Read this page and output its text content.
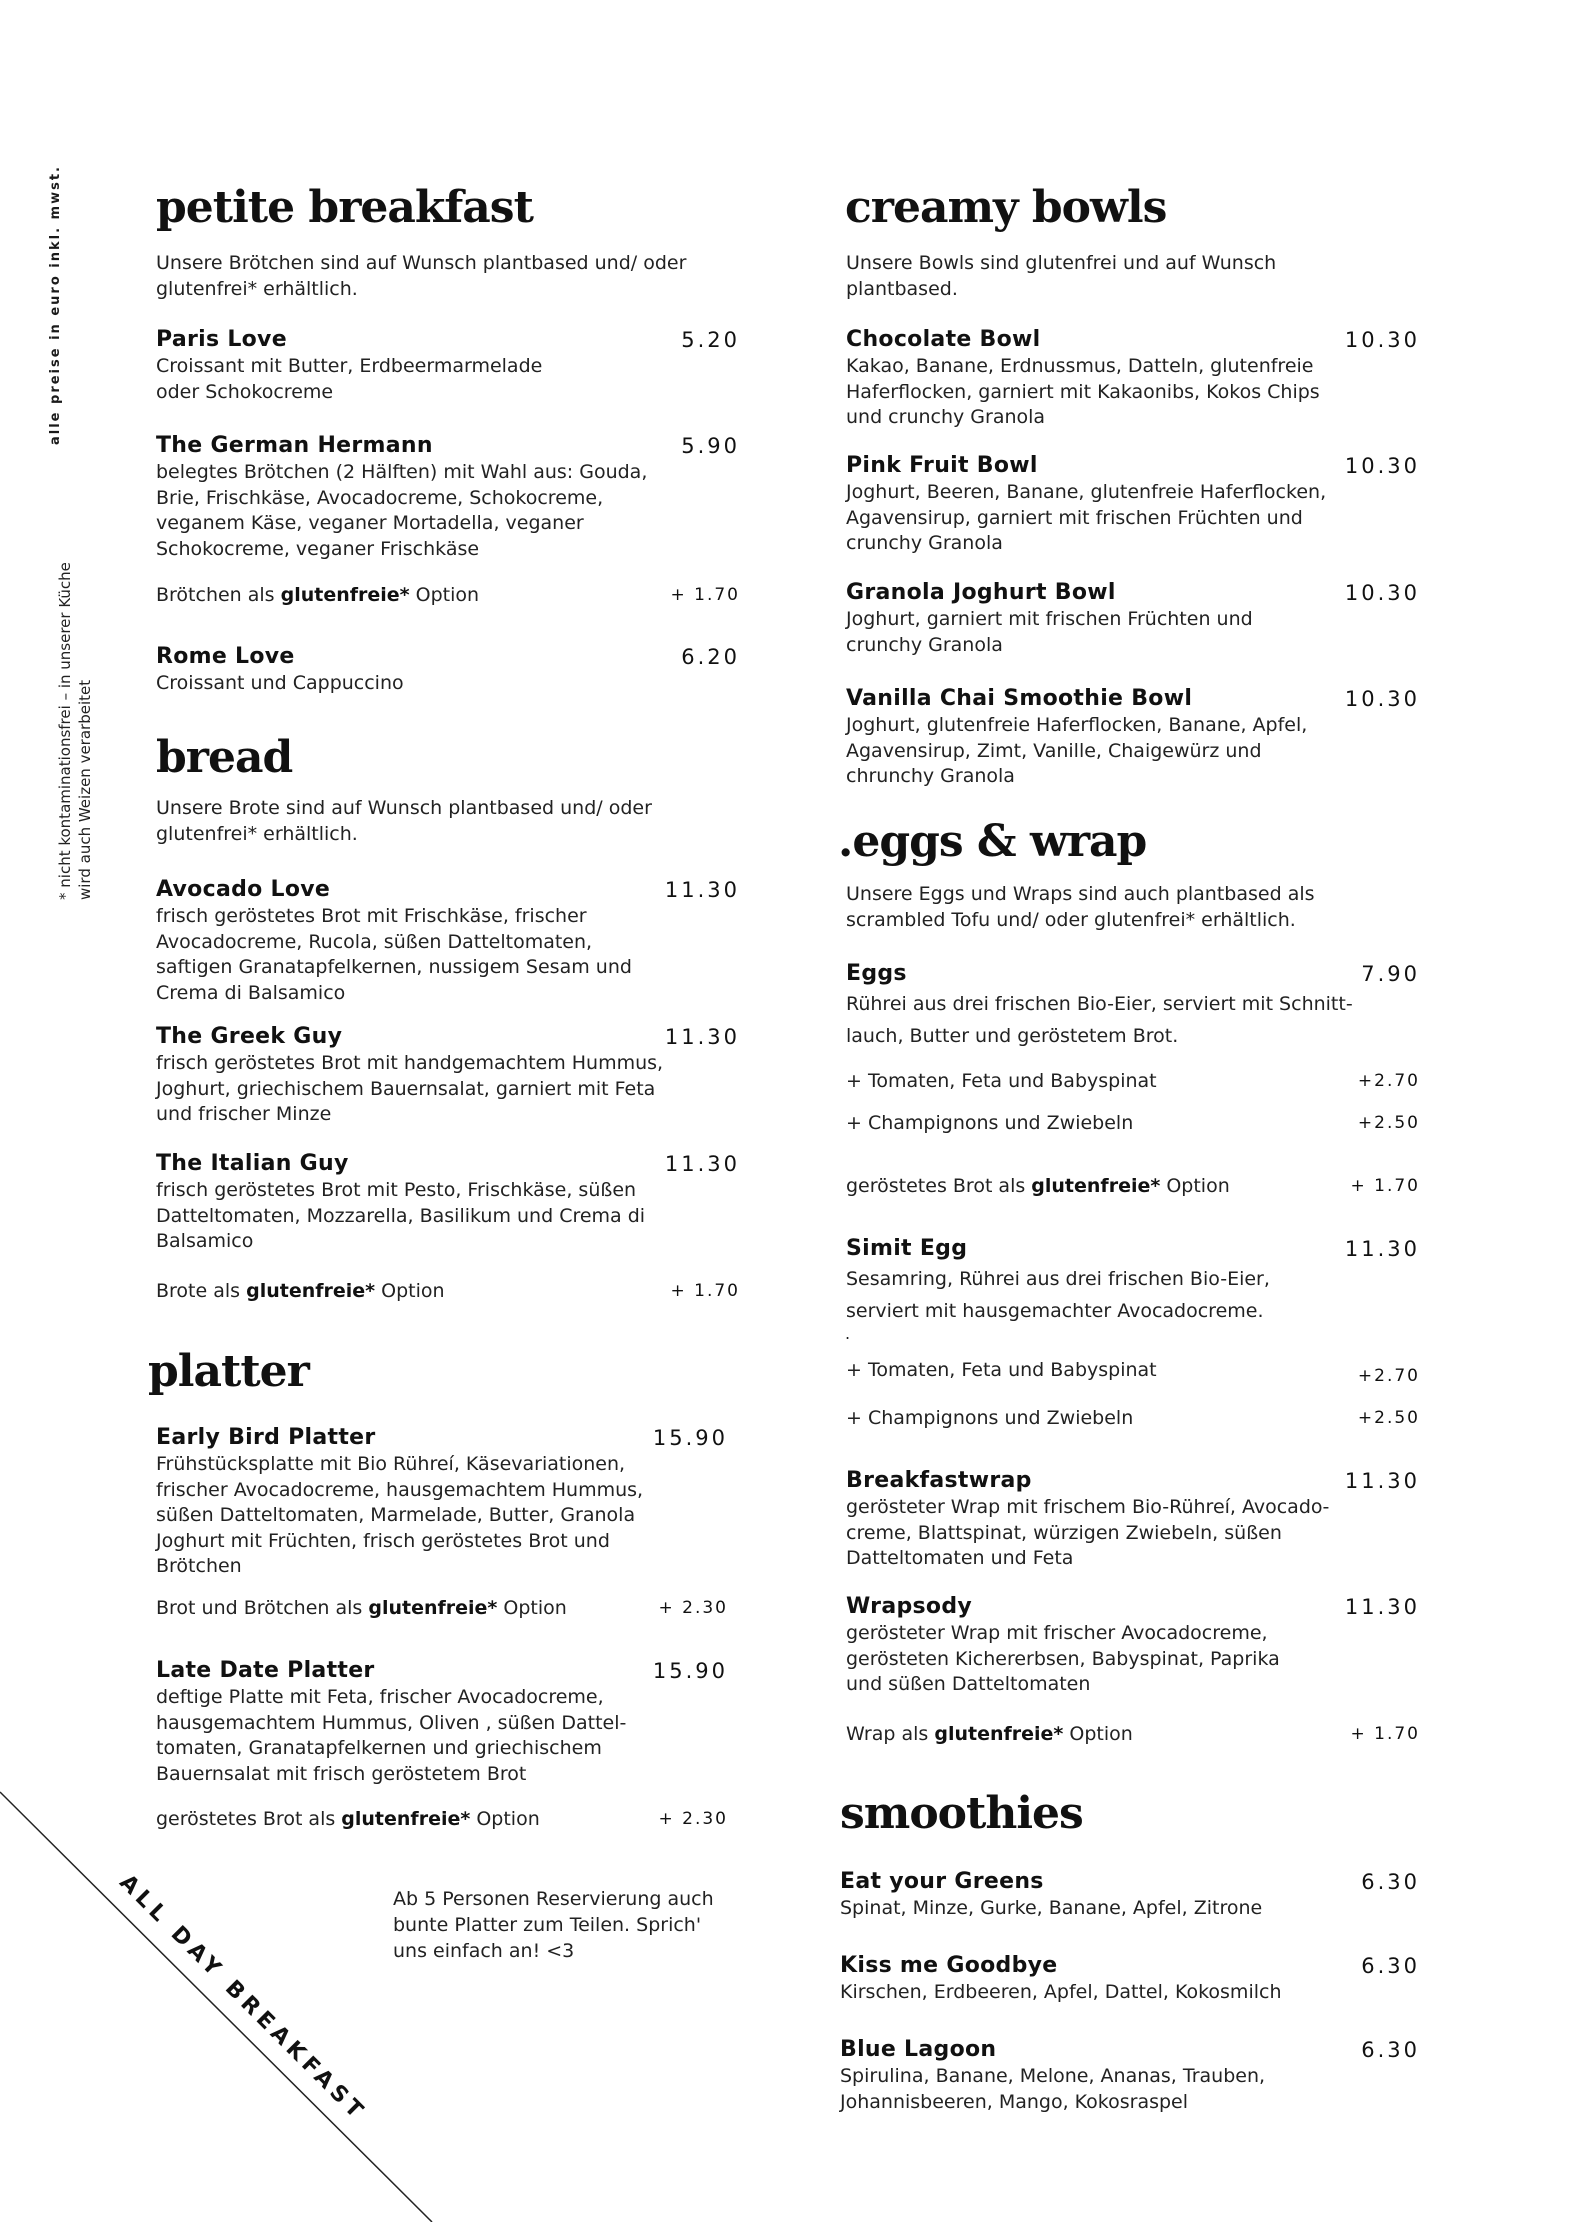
alle preise in euro inkl. mwst.
* nicht kontaminationsfrei – in unserer Küche wird auch Weizen verarbeitet
petite breakfast
Unsere Brötchen sind auf Wunsch plantbased und/ oder glutenfrei* erhältlich.
Paris Love
Croissant mit Butter, Erdbeermarmelade oder Schokocreme
5.20
The German Hermann
belegtes Brötchen (2 Hälften) mit Wahl aus: Gouda, Brie, Frischkäse, Avocadocreme, Schokocreme, veganem Käse, veganer Mortadella, veganer Schokocreme, veganer Frischkäse
5.90
Brötchen als glutenfreie* Option	+ 1.70
Rome Love
Croissant und Cappuccino
6.20
bread
Unsere Brote sind auf Wunsch plantbased und/ oder glutenfrei* erhältlich.
Avocado Love
frisch geröstetes Brot mit Frischkäse, frischer Avocadocreme, Rucola, süßen Datteltomaten, saftigen Granatapfelkernen, nussigem Sesam und Crema di Balsamico
11.30
The Greek Guy
frisch geröstetes Brot mit handgemachtem Hummus, Joghurt, griechischem Bauernsalat, garniert mit Feta und frischer Minze
11.30
The Italian Guy
frisch geröstetes Brot mit Pesto, Frischkäse, süßen Datteltomaten, Mozzarella, Basilikum und Crema di Balsamico
11.30
Brote als glutenfreie* Option	+ 1.70
platter
Early Bird Platter
Frühstücksplatte mit Bio Rühreí, Käsevariationen, frischer Avocadocreme, hausgemachtem Hummus, süßen Datteltomaten, Marmelade, Butter, Granola Joghurt mit Früchten, frisch geröstetes Brot und Brötchen
15.90
Brot und Brötchen als glutenfreie* Option	+ 2.30
Late Date Platter
deftige Platte mit Feta, frischer Avocadocreme, hausgemachtem Hummus, Oliven , süßen Datteltomaten, Granatapfelkernen und griechischem Bauernsalat mit frisch geröstetem Brot
15.90
geröstetes Brot als glutenfreie* Option	+ 2.30
Ab 5 Personen Reservierung auch bunte Platter zum Teilen. Sprich' uns einfach an! <3
ALL DAY BREAKFAST
creamy bowls
Unsere Bowls sind glutenfrei und auf Wunsch plantbased.
Chocolate Bowl
Kakao, Banane, Erdnussmus, Datteln, glutenfreie Haferflocken, garniert mit Kakaonibs, Kokos Chips und crunchy Granola
10.30
Pink Fruit Bowl
Joghurt, Beeren, Banane, glutenfreie Haferflocken, Agavensirup, garniert mit frischen Früchten und crunchy Granola
10.30
Granola Joghurt Bowl
Joghurt, garniert mit frischen Früchten und crunchy Granola
10.30
Vanilla Chai Smoothie Bowl
Joghurt, glutenfreie Haferflocken, Banane, Apfel, Agavensirup, Zimt, Vanille, Chaigewürz und chrunchy Granola
10.30
.eggs & wrap
Unsere Eggs und Wraps sind auch plantbased als scrambled Tofu und/ oder glutenfrei* erhältlich.
Eggs
Rührei aus drei frischen Bio-Eier, serviert mit Schnittlauch, Butter und geröstetem Brot.
7.90
+ Tomaten, Feta und Babyspinat	+2.70
+ Champignons und Zwiebeln	+2.50
geröstetes Brot als glutenfreie* Option	+ 1.70
Simit Egg
Sesamring, Rührei aus drei frischen Bio-Eier, serviert mit hausgemachter Avocadocreme.
11.30
.
+ Tomaten, Feta und Babyspinat	+2.70
+ Champignons und Zwiebeln	+2.50
Breakfastwrap
gerösteter Wrap mit frischem Bio-Rühreí, Avocadocreme, Blattspinat, würzigen Zwiebeln, süßen Datteltomaten und Feta
11.30
Wrapsody
gerösteter Wrap mit frischer Avocadocreme, gerösteten Kichererbsen, Babyspinat, Paprika und süßen Datteltomaten
11.30
Wrap als glutenfreie* Option	+ 1.70
smoothies
Eat your Greens
Spinat, Minze, Gurke, Banane, Apfel, Zitrone
6.30
Kiss me Goodbye
Kirschen, Erdbeeren, Apfel, Dattel, Kokosmilch
6.30
Blue Lagoon
Spirulina, Banane, Melone, Ananas, Trauben, Johannisbeeren, Mango, Kokosraspel
6.30
